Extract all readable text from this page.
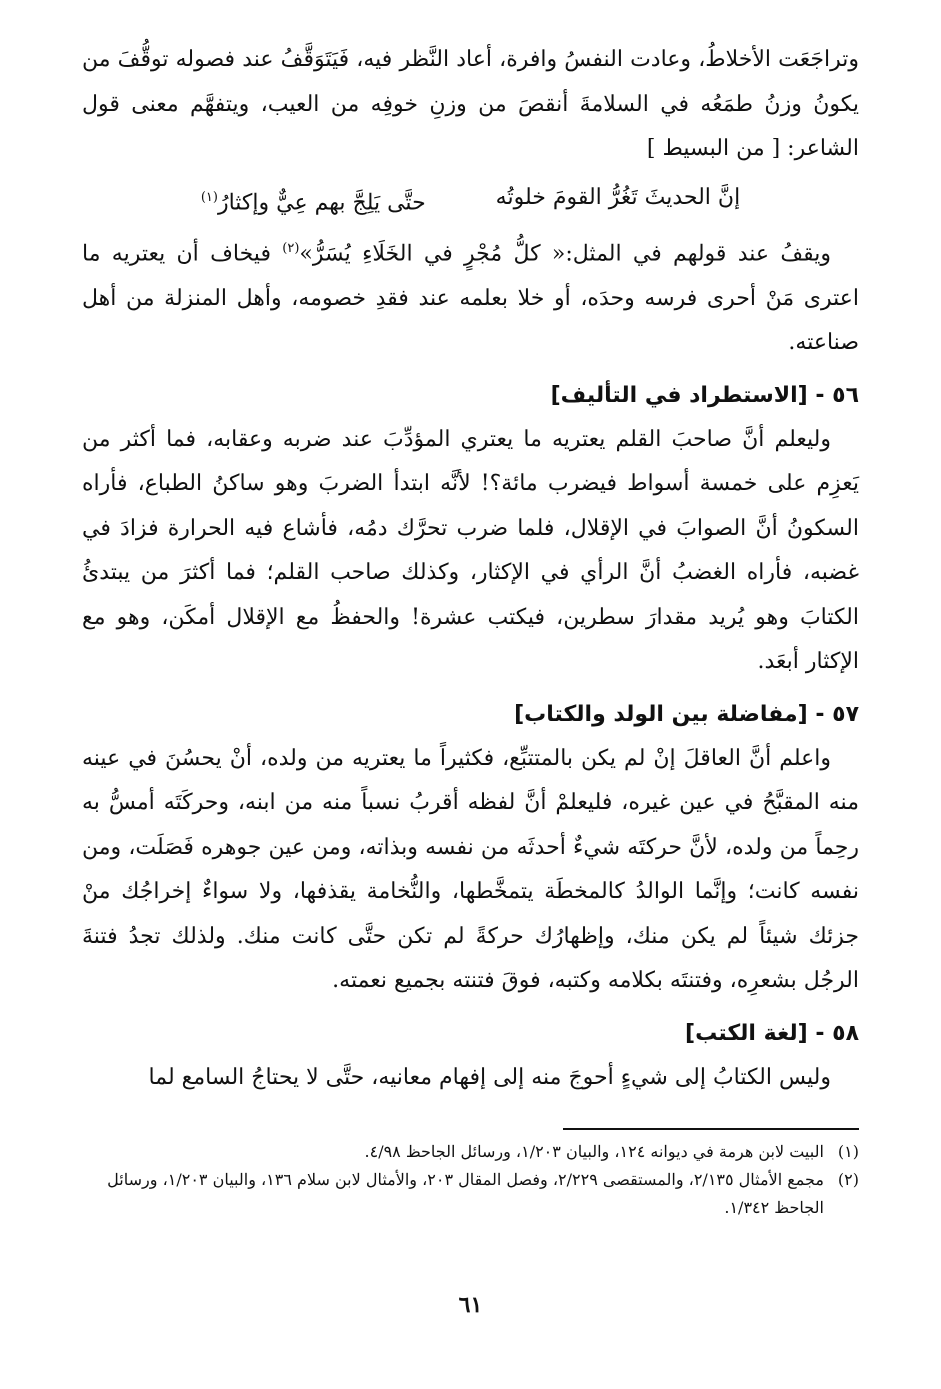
وتراجَعَت الأخلاطُ، وعادت النفسُ وافرة، أعاد النَّظر فيه، فَيَتَوَقَّفُ عند فصوله توقُّفَ من يكونُ وزنُ طمَعُه في السلامةَ أنقصَ من وزنِ خوفِه من العيب، ويتفهَّم معنى قول الشاعر: [ من البسيط ]

إنَّ الحديثَ تَغُرُّ القومَ خلوتُه
حتَّى يَلِجَّ بهم عِيٌّ وإكثارُ$^{(١)}$

ويقفُ عند قولهم في المثل:« كلُّ مُجْرٍ في الخَلَاءِ يُسَرُّ»$^{(٢)}$ فيخاف أن يعتريه ما اعترى مَنْ أحرى فرسه وحدَه، أو خلا بعلمه عند فقدِ خصومه، وأهل المنزلة من أهل صناعته.

٥٦ - [الاستطراد في التأليف]

وليعلم أنَّ صاحبَ القلم يعتريه ما يعتري المؤدِّبَ عند ضربه وعقابه، فما أكثر من يَعزِم على خمسة أسواط فيضرب مائة؟! لأنَّه ابتدأ الضربَ وهو ساكنُ الطباع، فأراه السكونُ أنَّ الصوابَ في الإقلال، فلما ضرب تحرَّك دمُه، فأشاع فيه الحرارة فزادَ في غضبه، فأراه الغضبُ أنَّ الرأي في الإكثار، وكذلك صاحب القلم؛ فما أكثرَ من يبتدئُ الكتابَ وهو يُريد مقدارَ سطرين، فيكتب عشرة! والحفظُ مع الإقلال أمكَن، وهو مع الإكثار أبعَد.

٥٧ - [مفاضلة بين الولد والكتاب]

واعلم أنَّ العاقلَ إنْ لم يكن بالمتتبِّع، فكثيراً ما يعتريه من ولده، أنْ يحسُنَ في عينه منه المقبَّحُ في عين غيره، فليعلمْ أنَّ لفظه أقربُ نسباً منه من ابنه، وحركَتَه أمسُّ به رحِماً من ولده، لأنَّ حركتَه شيءٌ أحدثَه من نفسه وبذاته، ومن عين جوهره فَصَلَت، ومن نفسه كانت؛ وإنَّما الوالدُ كالمخطَة يتمخَّطها، والنُّخامة يقذفها، ولا سواءٌ إخراجُك منْ جزئك شيئاً لم يكن منك، وإظهارُك حركةً لم تكن حتَّى كانت منك. ولذلك تجدُ فتنةَ الرجُل بشعرِه، وفتنتَه بكلامه وكتبه، فوقَ فتنته بجميع نعمته.

٥٨ - [لغة الكتب]

وليس الكتابُ إلى شيءٍ أحوجَ منه إلى إفهام معانيه، حتَّى لا يحتاجُ السامع لما

(١)
البيت لابن هرمة في ديوانه ١٢٤، والبيان ١/٢٠٣، ورسائل الجاحظ ٤/٩٨.
(٢)
مجمع الأمثال ٢/١٣٥، والمستقصى ٢/٢٢٩، وفصل المقال ٢٠٣، والأمثال لابن سلام ١٣٦، والبيان ١/٢٠٣، ورسائل الجاحظ ١/٣٤٢.
٦١
